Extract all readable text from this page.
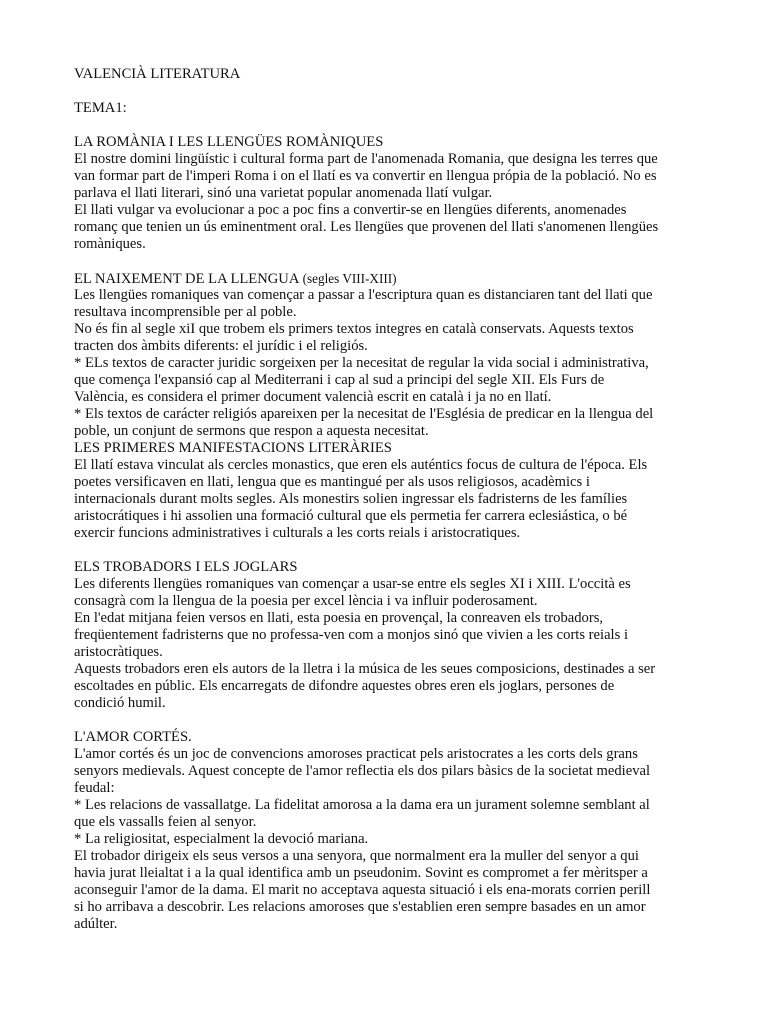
VALENCIÀ LITERATURA
TEMA1:
LA ROMÀNIA I LES LLENGÜES ROMÀNIQUES
El nostre domini lingüístic i cultural forma part de l'anomenada Romania, que designa les terres que
van formar part de l'imperi Roma i on el llatí es va convertir en llengua própia de la població. No es
parlava el llati literari, sinó una varietat popular anomenada llatí vulgar.
El llati vulgar va evolucionar a poc a poc fins a convertir-se en llengües diferents, anomenades
romanç que tenien un ús eminentment oral. Les llengües que provenen del llati s'anomenen llengües
romàniques.
EL NAIXEMENT DE LA LLENGUA (segles VIII-XIII)
Les llengües romaniques van començar a passar a l'escriptura quan es distanciaren tant del llati que
resultava incomprensible per al poble.
No és fin al segle xiI que trobem els primers textos integres en català conservats. Aquests textos
tracten dos àmbits diferents: el jurídic i el religiós.
* ELs textos de caracter juridic sorgeixen per la necesitat de regular la vida social i administrativa,
que comença l'expansió cap al Mediterrani i cap al sud a principi del segle XII. Els Furs de
València, es considera el primer document valencià escrit en català i ja no en llatí.
* Els textos de carácter religiós apareixen per la necesitat de l'Església de predicar en la llengua del
poble, un conjunt de sermons que respon a aquesta necesitat.
LES PRIMERES MANIFESTACIONS LITERÀRIES
El llatí estava vinculat als cercles monastics, que eren els auténtics focus de cultura de l'época. Els
poetes versificaven en llati, lengua que es mantingué per als usos religiosos, acadèmics i
internacionals durant molts segles. Als monestirs solien ingressar els fadristerns de les famílies
aristocrátiques i hi assolien una formació cultural que els permetia fer carrera eclesiástica, o bé
exercir funcions administratives i culturals a les corts reials i aristocratiques.
ELS TROBADORS I ELS JOGLARS
Les diferents llengües romaniques van començar a usar-se entre els segles XI i XIII. L'occità es
consagrà com la llengua de la poesia per excel lència i va influir poderosament.
En l'edat mitjana feien versos en llati, esta poesia en provençal, la conreaven els trobadors,
freqüentement fadristerns que no professa-ven com a monjos sinó que vivien a les corts reials i
aristocràtiques.
Aquests trobadors eren els autors de la lletra i la música de les seues composicions, destinades a ser
escoltades en públic. Els encarregats de difondre aquestes obres eren els joglars, persones de
condició humil.
L'AMOR CORTÉS.
L'amor cortés és un joc de convencions amoroses practicat pels aristocrates a les corts dels grans
senyors medievals. Aquest concepte de l'amor reflectia els dos pilars bàsics de la societat medieval
feudal:
* Les relacions de vassallatge. La fidelitat amorosa a la dama era un jurament solemne semblant al
que els vassalls feien al senyor.
* La religiositat, especialment la devoció mariana.
El trobador dirigeix els seus versos a una senyora, que normalment era la muller del senyor a qui
havia jurat lleialtat i a la qual identifica amb un pseudonim. Sovint es compromet a fer mèritsper a
aconseguir l'amor de la dama. El marit no acceptava aquesta situació i els ena-morats corrien perill
si ho arribava a descobrir. Les relacions amoroses que s'establien eren sempre basades en un amor
adúlter.
